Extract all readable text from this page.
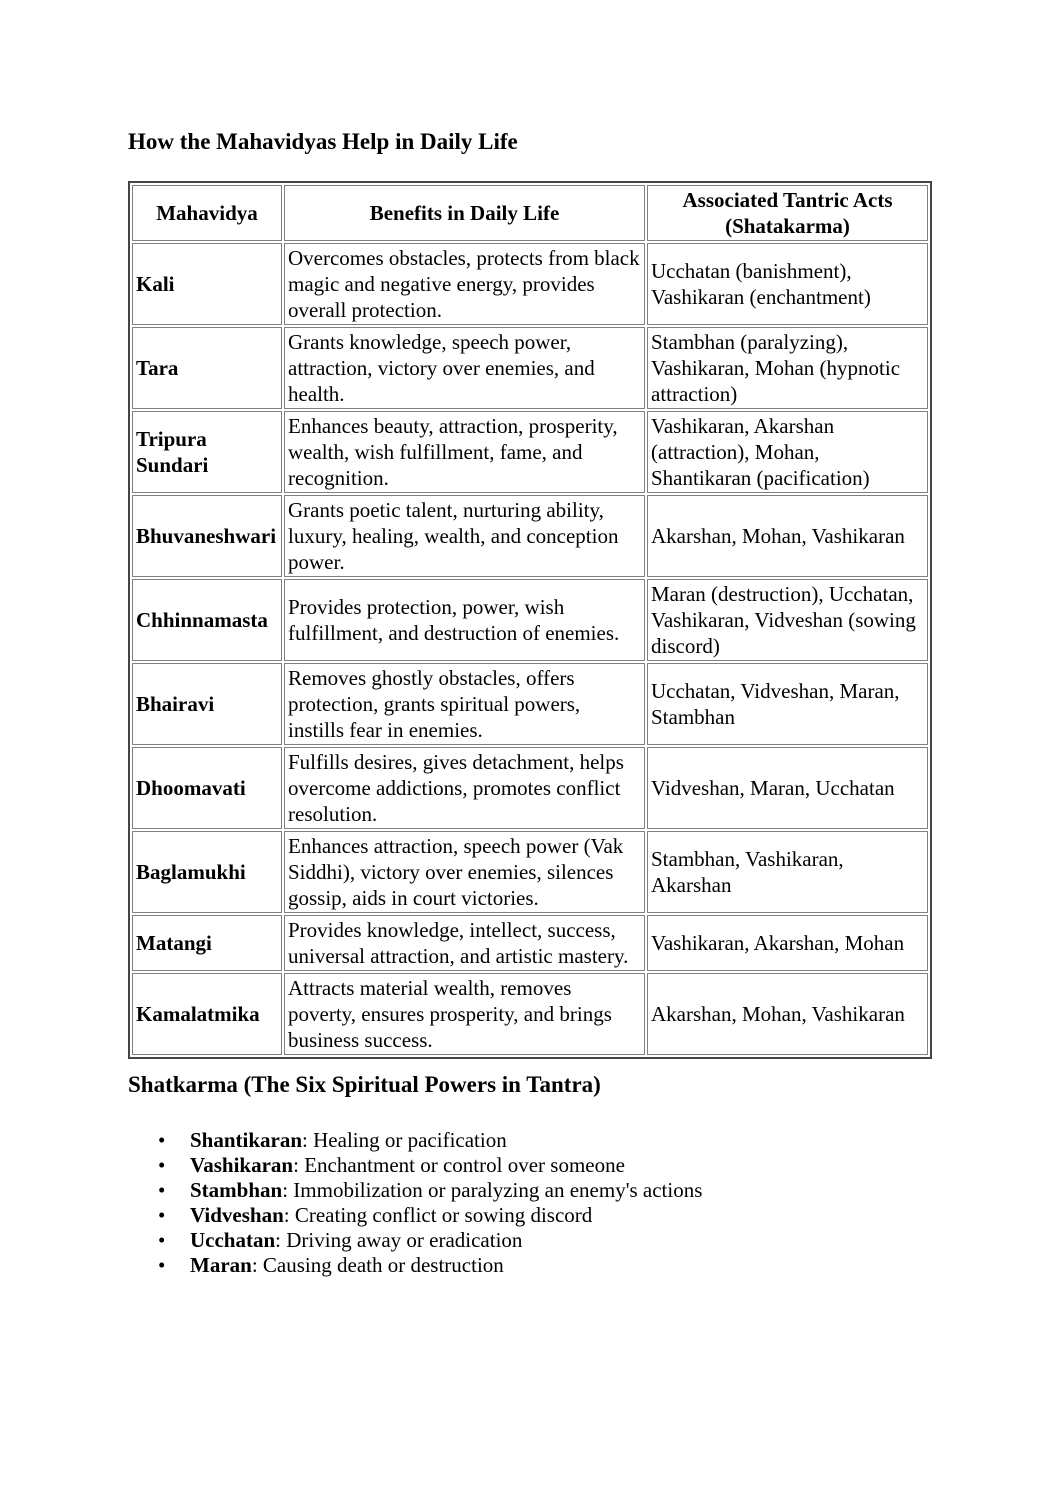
How the Mahavidyas Help in Daily Life
Mahavidya	Benefits in Daily Life	Associated Tantric Acts (Shatakarma)
Kali	Overcomes obstacles, protects from black magic and negative energy, provides overall protection.	Ucchatan (banishment), Vashikaran (enchantment)
Tara	Grants knowledge, speech power, attraction, victory over enemies, and health.	Stambhan (paralyzing), Vashikaran, Mohan (hypnotic attraction)
Tripura Sundari	Enhances beauty, attraction, prosperity, wealth, wish fulfillment, fame, and recognition.	Vashikaran, Akarshan (attraction), Mohan, Shantikaran (pacification)
Bhuvaneshwari	Grants poetic talent, nurturing ability, luxury, healing, wealth, and conception power.	Akarshan, Mohan, Vashikaran
Chhinnamasta	Provides protection, power, wish fulfillment, and destruction of enemies.	Maran (destruction), Ucchatan, Vashikaran, Vidveshan (sowing discord)
Bhairavi	Removes ghostly obstacles, offers protection, grants spiritual powers, instills fear in enemies.	Ucchatan, Vidveshan, Maran, Stambhan
Dhoomavati	Fulfills desires, gives detachment, helps overcome addictions, promotes conflict resolution.	Vidveshan, Maran, Ucchatan
Baglamukhi	Enhances attraction, speech power (Vak Siddhi), victory over enemies, silences gossip, aids in court victories.	Stambhan, Vashikaran, Akarshan
Matangi	Provides knowledge, intellect, success, universal attraction, and artistic mastery.	Vashikaran, Akarshan, Mohan
Kamalatmika	Attracts material wealth, removes poverty, ensures prosperity, and brings business success.	Akarshan, Mohan, Vashikaran
Shatkarma (The Six Spiritual Powers in Tantra)
• Shantikaran: Healing or pacification
• Vashikaran: Enchantment or control over someone
• Stambhan: Immobilization or paralyzing an enemy's actions
• Vidveshan: Creating conflict or sowing discord
• Ucchatan: Driving away or eradication
• Maran: Causing death or destruction
